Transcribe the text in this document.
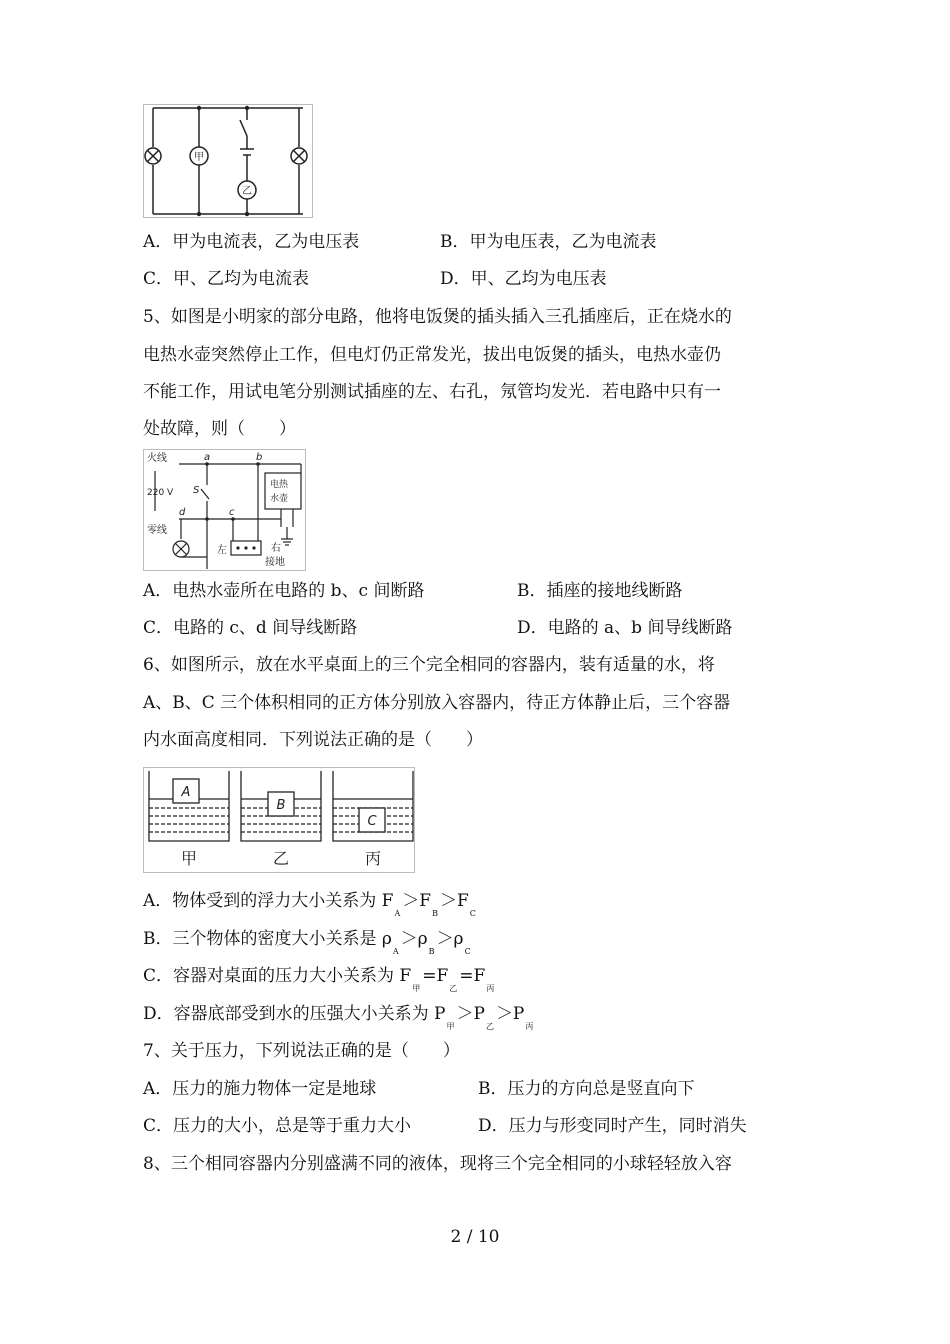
甲
乙
A．甲为电流表，乙为电压表	B．甲为电压表，乙为电流表
C．甲、乙均为电流表	D．甲、乙均为电压表
5、如图是小明家的部分电路，他将电饭煲的插头插入三孔插座后，正在烧水的
电热水壶突然停止工作，但电灯仍正常发光，拔出电饭煲的插头，电热水壶仍
不能工作，用试电笔分别测试插座的左、右孔，氖管均发光．若电路中只有一
处故障，则（　　）
火线
220 V
零线
a	b
c
d
S	电热
水壶
左	右
接地
A．电热水壶所在电路的 b、c 间断路	B．插座的接地线断路
C．电路的 c、d 间导线断路	D．电路的 a、b 间导线断路
6、如图所示，放在水平桌面上的三个完全相同的容器内，装有适量的水，将
A、B、C 三个体积相同的正方体分别放入容器内，待正方体静止后，三个容器
内水面高度相同．下列说法正确的是（　　）
A
B
C
甲	乙	丙
A．物体受到的浮力大小关系为 $F_A>F_B>F_C$
B．三个物体的密度大小关系是 $\rho_A>\rho_B>\rho_C$
C．容器对桌面的压力大小关系为 $F_甲=F_乙=F_丙$
D．容器底部受到水的压强大小关系为 $P_甲>P_乙>P_丙$
7、关于压力，下列说法正确的是（　　）
A．压力的施力物体一定是地球	B．压力的方向总是竖直向下
C．压力的大小，总是等于重力大小	D．压力与形变同时产生，同时消失
8、三个相同容器内分别盛满不同的液体，现将三个完全相同的小球轻轻放入容
2 / 10
